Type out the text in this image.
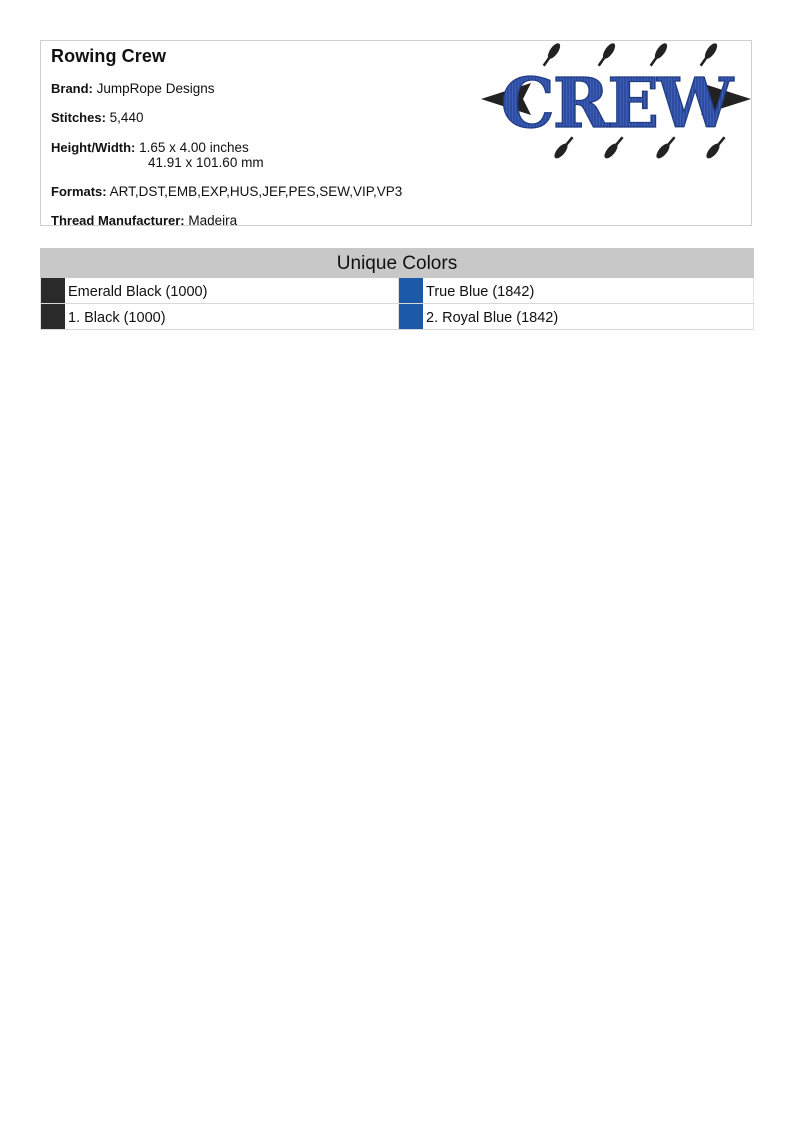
Rowing Crew
Brand: JumpRope Designs
Stitches: 5,440
Height/Width: 1.65 x 4.00 inches
41.91 x 101.60 mm
Formats: ART,DST,EMB,EXP,HUS,JEF,PES,SEW,VIP,VP3
Thread Manufacturer: Madeira
CREW
Unique Colors
Emerald Black (1000)	True Blue (1842)
1. Black (1000)	2. Royal Blue (1842)
